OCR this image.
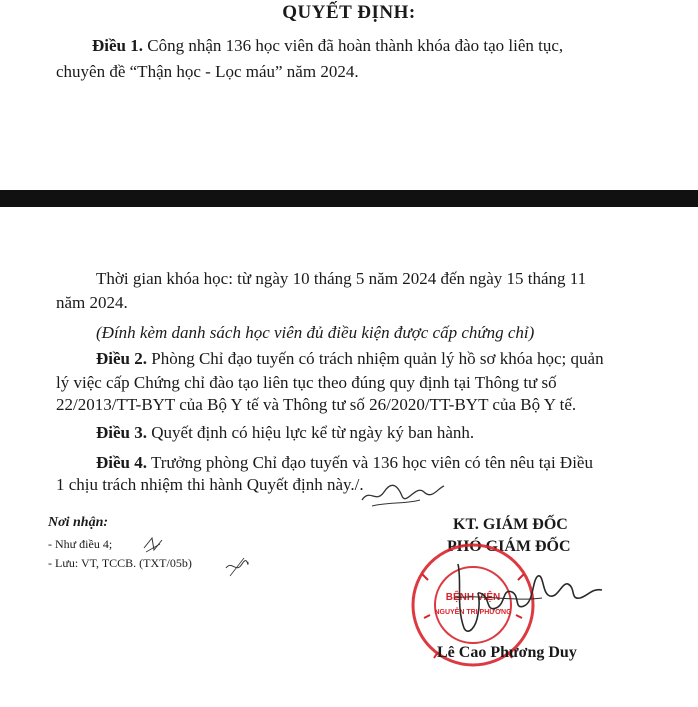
QUYẾT ĐỊNH:
Điều 1. Công nhận 136 học viên đã hoàn thành khóa đào tạo liên tục,
chuyên đề “Thận học - Lọc máu” năm 2024.
Thời gian khóa học: từ ngày 10 tháng 5 năm 2024 đến ngày 15 tháng 11
năm 2024.
(Đính kèm danh sách học viên đủ điều kiện được cấp chứng chỉ)
Điều 2. Phòng Chỉ đạo tuyến có trách nhiệm quản lý hồ sơ khóa học; quản
lý việc cấp Chứng chỉ đào tạo liên tục theo đúng quy định tại Thông tư số
22/2013/TT-BYT của Bộ Y tế và Thông tư số 26/2020/TT-BYT của Bộ Y tế.
Điều 3. Quyết định có hiệu lực kể từ ngày ký ban hành.
Điều 4. Trưởng phòng Chỉ đạo tuyến và 136 học viên có tên nêu tại Điều
1 chịu trách nhiệm thi hành Quyết định này./.
Nơi nhận:
- Như điều 4;
- Lưu: VT, TCCB. (TXT/05b)
KT. GIÁM ĐỐC
PHÓ GIÁM ĐỐC
BỆNH VIỆN
NGUYỄN TRI PHƯƠNG
Lê Cao Phương Duy
